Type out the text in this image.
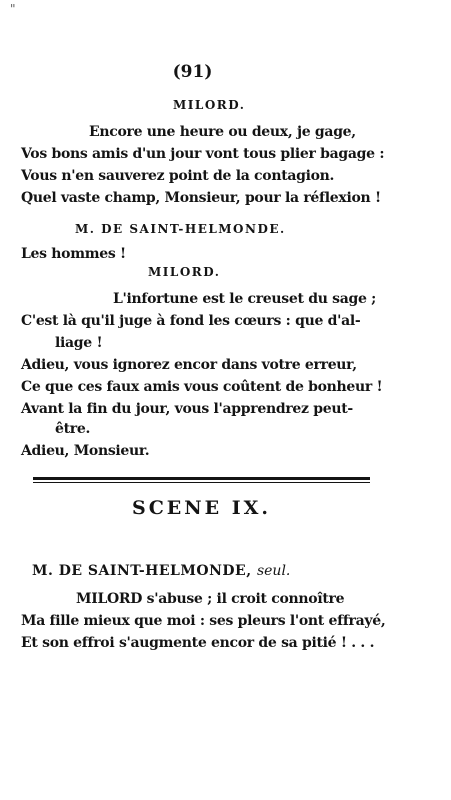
"
(91)
MILORD.
Encore une heure ou deux, je gage,
Vos bons amis d'un jour vont tous plier bagage :
Vous n'en sauverez point de la contagion.
Quel vaste champ, Monsieur, pour la réflexion !
M. DE SAINT-HELMONDE.
Les hommes !
MILORD.
L'infortune est le creuset du sage ;
C'est là qu'il juge à fond les cœurs : que d'al-
liage !
Adieu, vous ignorez encor dans votre erreur,
Ce que ces faux amis vous coûtent de bonheur !
Avant la fin du jour, vous l'apprendrez peut-
être.
Adieu, Monsieur.
SCENE IX.
M. DE SAINT-HELMONDE, seul.
MILORD s'abuse ; il croit connoître
Ma fille mieux que moi : ses pleurs l'ont effrayé,
Et son effroi s'augmente encor de sa pitié ! . . .
